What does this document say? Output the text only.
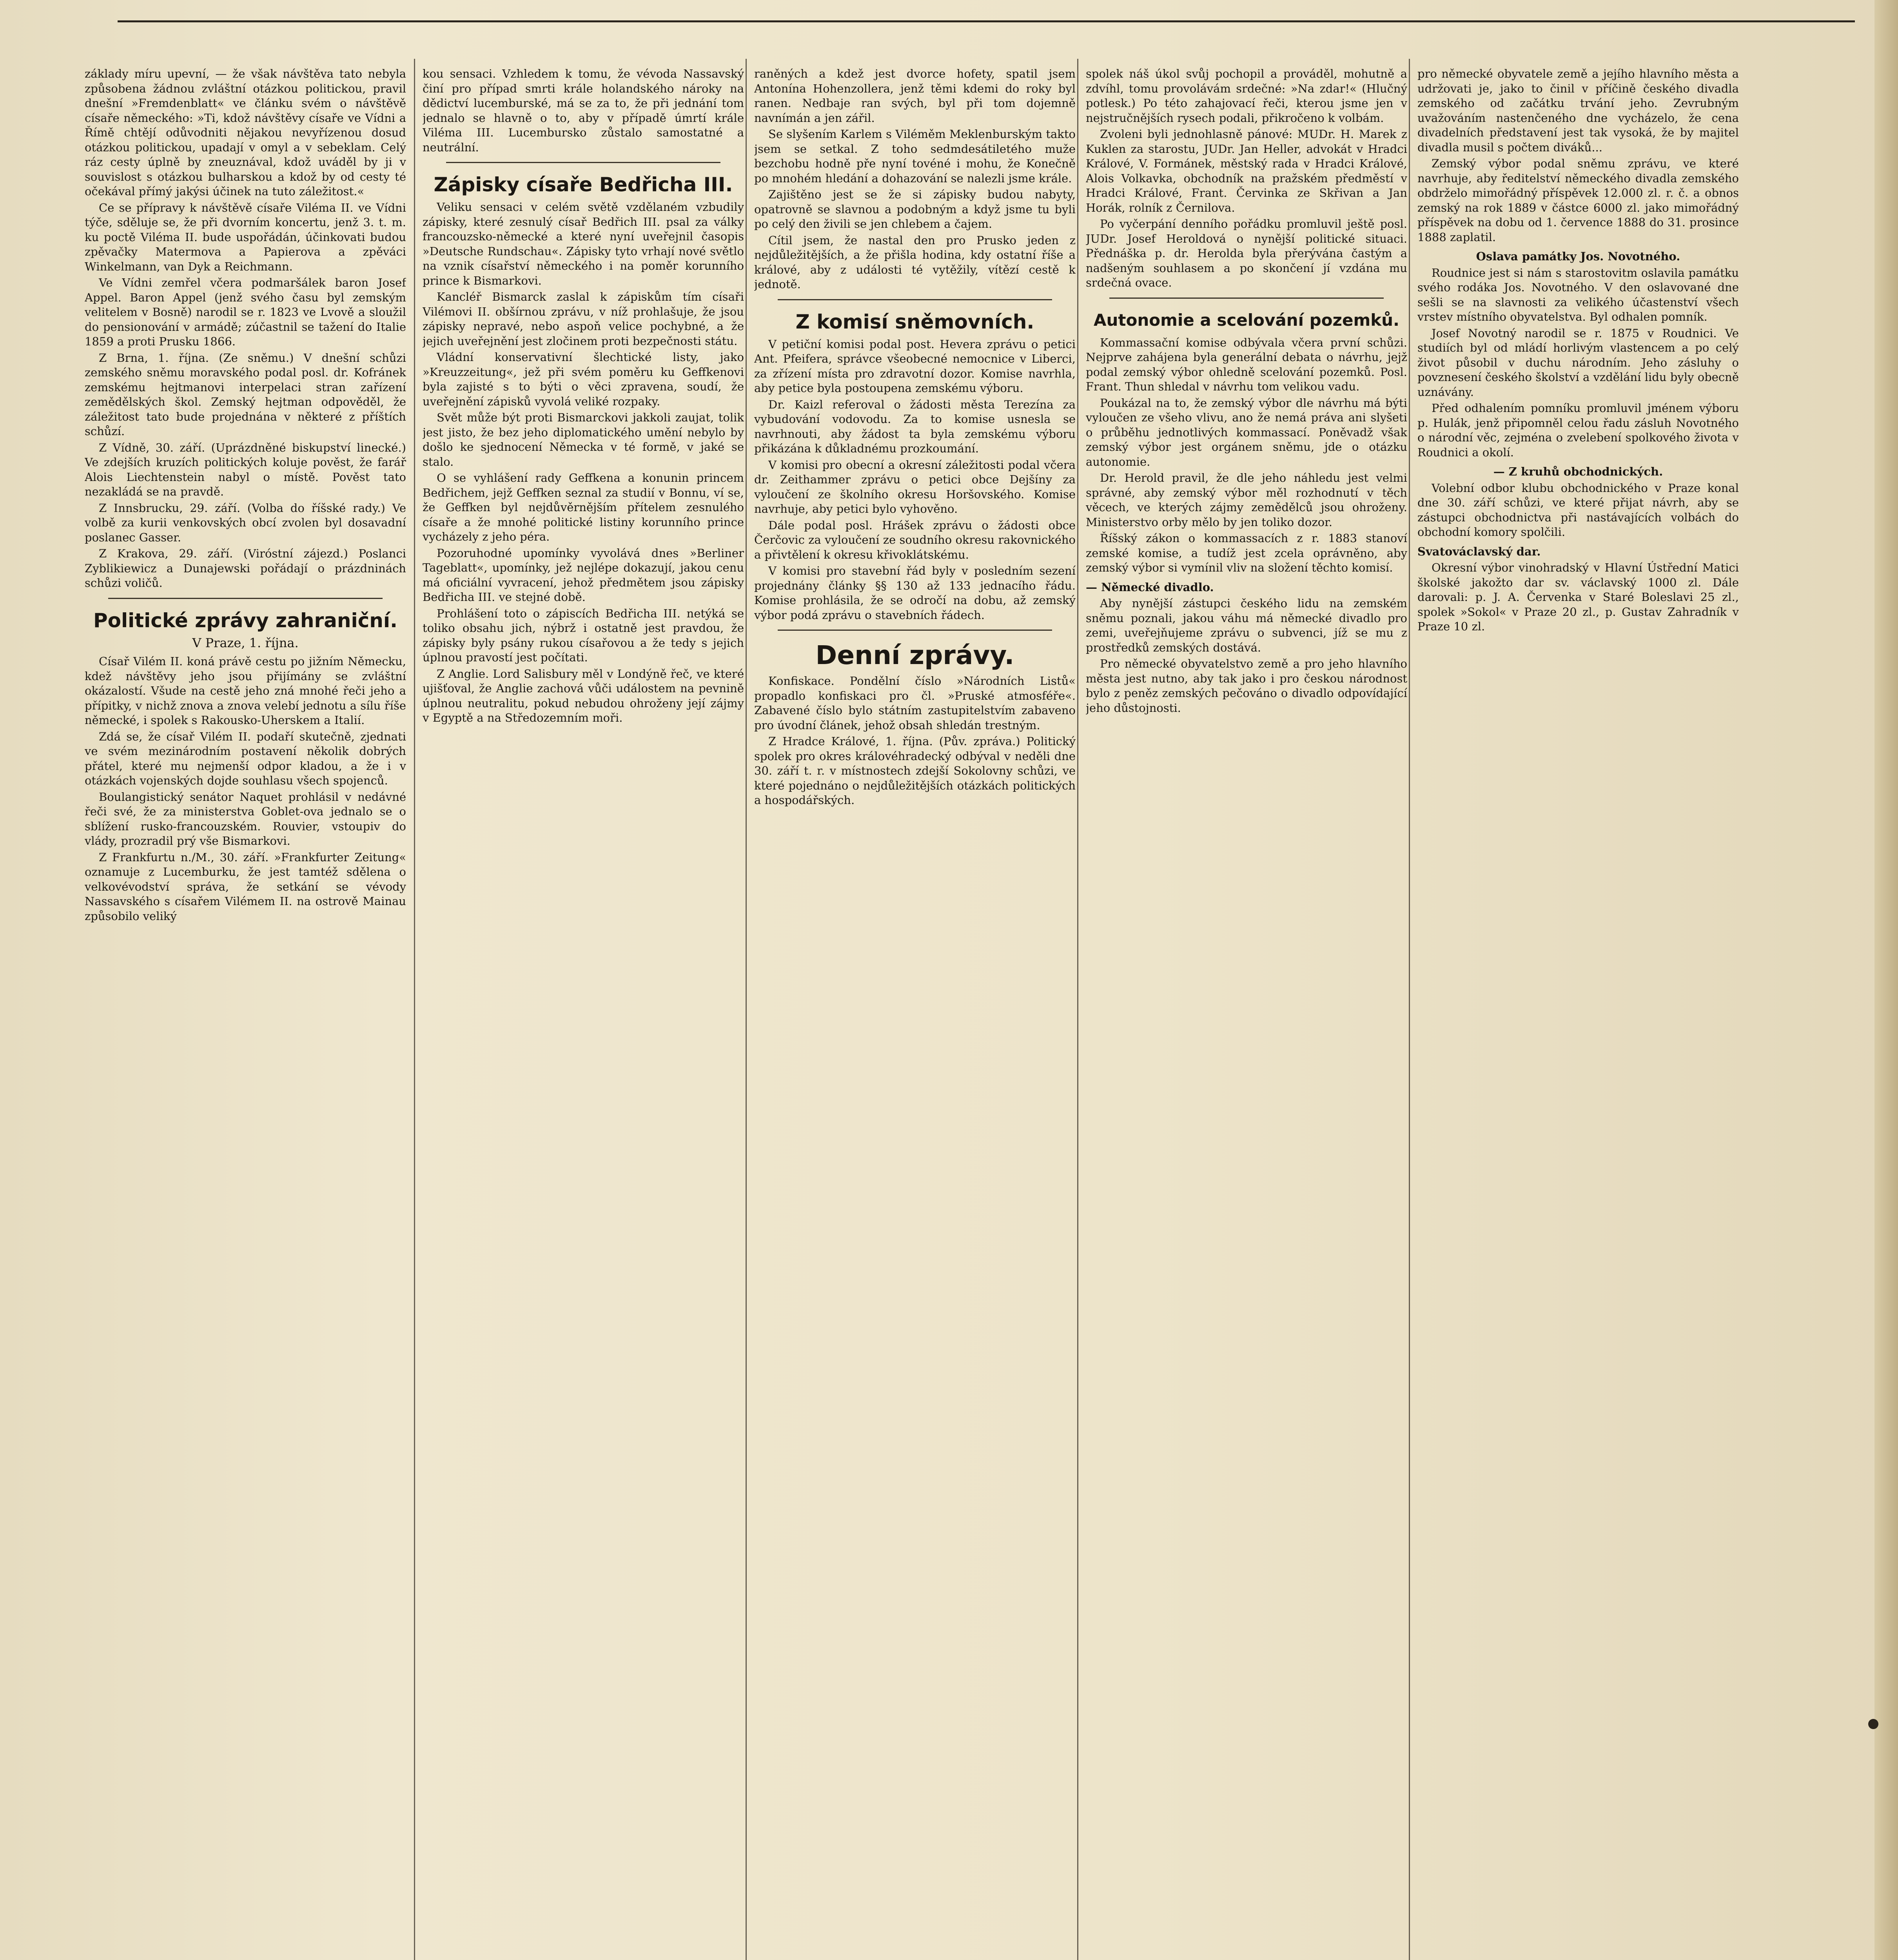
základy míru upevní, — že však návštěva tato nebyla způsobena žádnou zvláštní otázkou politickou, pravil dnešní »Fremdenblatt« ve článku svém o návštěvě císaře německého: »Ti, kdož návštěvy císaře ve Vídni a Římě chtějí odůvodniti nějakou nevyřízenou dosud otázkou politickou, upadají v omyl a v sebeklam. Celý ráz cesty úplně by zneuznával, kdož uváděl by ji v souvislost s otázkou bulharskou a kdož by od cesty té očekával přímý jakýsi účinek na tuto záležitost.«

Ce se přípravy k návštěvě císaře Viléma II. ve Vídni týče, sděluje se, že při dvorním koncertu, jenž 3. t. m. ku poctě Viléma II. bude uspořádán, účinkovati budou zpěvačky Matermova a Papierova a zpěváci Winkelmann, van Dyk a Reichmann.

Ve Vídni zemřel včera podmaršálek baron Josef Appel. Baron Appel (jenž svého času byl zemským velitelem v Bosně) narodil se r. 1823 ve Lvově a sloužil do pensionování v armádě; zúčastnil se tažení do Italie 1859 a proti Prusku 1866.

Z Brna, 1. října. (Ze sněmu.) V dnešní schůzi zemského sněmu moravského podal posl. dr. Kofránek zemskému hejtmanovi interpelaci stran zařízení zemědělských škol. Zemský hejtman odpověděl, že záležitost tato bude projednána v některé z příštích schůzí.

Z Vídně, 30. září. (Uprázdněné biskupství linecké.) Ve zdejších kruzích politických koluje pověst, že farář Alois Liechtenstein nabyl o místě. Pověst tato nezakládá se na pravdě.

Z Innsbrucku, 29. září. (Volba do říšské rady.) Ve volbě za kurii venkovských obcí zvolen byl dosavadní poslanec Gasser.

Z Krakova, 29. září. (Viróstní zájezd.) Poslanci Zyblikiewicz a Dunajewski pořádají o prázdninách schůzi voličů.

Politické zprávy zahraniční.

V Praze, 1. října.

Císař Vilém II. koná právě cestu po jižním Německu, kdež návštěvy jeho jsou přijímány se zvláštní okázalostí. Všude na cestě jeho zná mnohé řeči jeho a přípitky, v nichž znova a znova velebí jednotu a sílu říše německé, i spolek s Rakousko-Uherskem a Italií.

Zdá se, že císař Vilém II. podaří skutečně, zjednati ve svém mezinárodním postavení několik dobrých přátel, které mu nejmenší odpor kladou, a že i v otázkách vojenských dojde souhlasu všech spojenců.

Boulangistický senátor Naquet prohlásil v nedávné řeči své, že za ministerstva Goblet-ova jednalo se o sblížení rusko-francouzském. Rouvier, vstoupiv do vlády, prozradil prý vše Bismarkovi.

Z Frankfurtu n./M., 30. září. »Frankfurter Zeitung« oznamuje z Lucemburku, že jest tamtéž sdělena o velkovévodství správa, že setkání se vévody Nassavského s císařem Vilémem II. na ostrově Mainau způsobilo veliký

kou sensaci. Vzhledem k tomu, že vévoda Nassavský činí pro případ smrti krále holandského nároky na dědictví lucemburské, má se za to, že při jednání tom jednalo se hlavně o to, aby v případě úmrtí krále Viléma III. Lucembursko zůstalo samostatné a neutrální.

Zápisky císaře Bedřicha III.

Veliku sensaci v celém světě vzdělaném vzbudily zápisky, které zesnulý císař Bedřich III. psal za války francouzsko-německé a které nyní uveřejnil časopis »Deutsche Rundschau«. Zápisky tyto vrhají nové světlo na vznik císařství německého i na poměr korunního prince k Bismarkovi.

Kancléř Bismarck zaslal k zápiskům tím císaři Vilémovi II. obšírnou zprávu, v níž prohlašuje, že jsou zápisky nepravé, nebo aspoň velice pochybné, a že jejich uveřejnění jest zločinem proti bezpečnosti státu.

Vládní konservativní šlechtické listy, jako »Kreuzzeitung«, jež při svém poměru ku Geffkenovi byla zajisté s to býti o věci zpravena, soudí, že uveřejnění zápisků vyvolá veliké rozpaky.

Svět může být proti Bismarckovi jakkoli zaujat, tolik jest jisto, že bez jeho diplomatického umění nebylo by došlo ke sjednocení Německa v té formě, v jaké se stalo.

O se vyhlášení rady Geffkena a konunin princem Bedřichem, jejž Geffken seznal za studií v Bonnu, ví se, že Geffken byl nejdůvěrnějším přítelem zesnulého císaře a že mnohé politické listiny korunního prince vycházely z jeho péra.

Pozoruhodné upomínky vyvolává dnes »Berliner Tageblatt«, upomínky, jež nejlépe dokazují, jakou cenu má oficiální vyvracení, jehož předmětem jsou zápisky Bedřicha III. ve stejné době.

Prohlášení toto o zápiscích Bedřicha III. netýká se toliko obsahu jich, nýbrž i ostatně jest pravdou, že zápisky byly psány rukou císařovou a že tedy s jejich úplnou pravostí jest počítati.

Z Anglie. Lord Salisbury měl v Londýně řeč, ve které ujišťoval, že Anglie zachová vůči událostem na pevnině úplnou neutralitu, pokud nebudou ohroženy její zájmy v Egyptě a na Středozemním moři.

raněných a kdež jest dvorce hofety, spatil jsem Antonína Hohenzollera, jenž těmi kdemi do roky byl ranen. Nedbaje ran svých, byl při tom dojemně navnímán a jen zářil.

Se slyšením Karlem s Viléměm Meklenburským takto jsem se setkal. Z toho sedmdesátiletého muže bezchobu hodně pře nyní tovéné i mohu, že Konečně po mnohém hledání a dohazování se nalezli jsme krále.

Zajištěno jest se že si zápisky budou nabyty, opatrovně se slavnou a podobným a když jsme tu byli po celý den živili se jen chlebem a čajem.

Cítil jsem, že nastal den pro Prusko jeden z nejdůležitějších, a že přišla hodina, kdy ostatní říše a králové, aby z události té vytěžily, vítězí cestě k jednotě.

Z komisí sněmovních.

V petiční komisi podal post. Hevera zprávu o petici Ant. Pfeifera, správce všeobecné nemocnice v Liberci, za zřízení místa pro zdravotní dozor. Komise navrhla, aby petice byla postoupena zemskému výboru.

Dr. Kaizl referoval o žádosti města Terezína za vybudování vodovodu. Za to komise usnesla se navrhnouti, aby žádost ta byla zemskému výboru přikázána k důkladnému prozkoumání.

V komisi pro obecní a okresní záležitosti podal včera dr. Zeithammer zprávu o petici obce Dejšíny za vyloučení ze školního okresu Horšovského. Komise navrhuje, aby petici bylo vyhověno.

Dále podal posl. Hrášek zprávu o žádosti obce Čerčovic za vyloučení ze soudního okresu rakovnického a přivtělení k okresu křivoklátskému.

V komisi pro stavební řád byly v posledním sezení projednány články §§ 130 až 133 jednacího řádu. Komise prohlásila, že se odročí na dobu, až zemský výbor podá zprávu o stavebních řádech.

Denní zprávy.

Konfiskace. Pondělní číslo »Národních Listů« propadlo konfiskaci pro čl. »Pruské atmosféře«. Zabavené číslo bylo státním zastupitelstvím zabaveno pro úvodní článek, jehož obsah shledán trestným.

Z Hradce Králové, 1. října. (Pův. zpráva.) Politický spolek pro okres královéhradecký odbýval v neděli dne 30. září t. r. v místnostech zdejší Sokolovny schůzi, ve které pojednáno o nejdůležitějších otázkách politických a hospodářských.

spolek náš úkol svůj pochopil a prováděl, mohutně a zdvíhl, tomu provolávám srdečné: »Na zdar!« (Hlučný potlesk.) Po této zahajovací řeči, kterou jsme jen v nejstručnějších rysech podali, přikročeno k volbám.

Zvoleni byli jednohlasně pánové: MUDr. H. Marek z Kuklen za starostu, JUDr. Jan Heller, advokát v Hradci Králové, V. Formánek, městský rada v Hradci Králové, Alois Volkavka, obchodník na pražském předměstí v Hradci Králové, Frant. Červinka ze Skřivan a Jan Horák, rolník z Černilova.

Po vyčerpání denního pořádku promluvil ještě posl. JUDr. Josef Heroldová o nynější politické situaci. Přednáška p. dr. Herolda byla přerývána častým a nadšeným souhlasem a po skončení jí vzdána mu srdečná ovace.

Autonomie a scelování pozemků.

Kommassační komise odbývala včera první schůzi. Nejprve zahájena byla generální debata o návrhu, jejž podal zemský výbor ohledně scelování pozemků. Posl. Frant. Thun shledal v návrhu tom velikou vadu.

Poukázal na to, že zemský výbor dle návrhu má býti vyloučen ze všeho vlivu, ano že nemá práva ani slyšeti o průběhu jednotlivých kommassací. Poněvadž však zemský výbor jest orgánem sněmu, jde o otázku autonomie.

Dr. Herold pravil, že dle jeho náhledu jest velmi správné, aby zemský výbor měl rozhodnutí v těch věcech, ve kterých zájmy zemědělců jsou ohroženy. Ministerstvo orby mělo by jen toliko dozor.

Říšský zákon o kommassacích z r. 1883 stanoví zemské komise, a tudíž jest zcela oprávněno, aby zemský výbor si vymínil vliv na složení těchto komisí.

— Německé divadlo.

Aby nynější zástupci českého lidu na zemském sněmu poznali, jakou váhu má německé divadlo pro zemi, uveřejňujeme zprávu o subvenci, jíž se mu z prostředků zemských dostává.

Pro německé obyvatelstvo země a pro jeho hlavního města jest nutno, aby tak jako i pro českou národnost bylo z peněz zemských pečováno o divadlo odpovídající jeho důstojnosti.

pro německé obyvatele země a jejího hlavního města a udržovati je, jako to činil v příčině českého divadla zemského od začátku trvání jeho. Zevrubným uvažováním nastenčeného dne vycházelo, že cena divadelních představení jest tak vysoká, že by majitel divadla musil s počtem diváků...

Zemský výbor podal sněmu zprávu, ve které navrhuje, aby ředitelství německého divadla zemského obdrželo mimořádný příspěvek 12.000 zl. r. č. a obnos zemský na rok 1889 v částce 6000 zl. jako mimořádný příspěvek na dobu od 1. července 1888 do 31. prosince 1888 zaplatil.

Oslava památky Jos. Novotného.

Roudnice jest si nám s starostovitm oslavila památku svého rodáka Jos. Novotného. V den oslavované dne sešli se na slavnosti za velikého účastenství všech vrstev místního obyvatelstva. Byl odhalen pomník.

Josef Novotný narodil se r. 1875 v Roudnici. Ve studiích byl od mládí horlivým vlastencem a po celý život působil v duchu národním. Jeho zásluhy o povznesení českého školství a vzdělání lidu byly obecně uznávány.

Před odhalením pomníku promluvil jménem výboru p. Hulák, jenž připomněl celou řadu zásluh Novotného o národní věc, zejména o zvelebení spolkového života v Roudnici a okolí.

— Z kruhů obchodnických.

Volební odbor klubu obchodnického v Praze konal dne 30. září schůzi, ve které přijat návrh, aby se zástupci obchodnictva při nastávajících volbách do obchodní komory spolčili.

Svatováclavský dar.

Okresní výbor vinohradský v Hlavní Ústřední Matici školské jakožto dar sv. václavský 1000 zl. Dále darovali: p. J. A. Červenka v Staré Boleslavi 25 zl., spolek »Sokol« v Praze 20 zl., p. Gustav Zahradník v Praze 10 zl.
